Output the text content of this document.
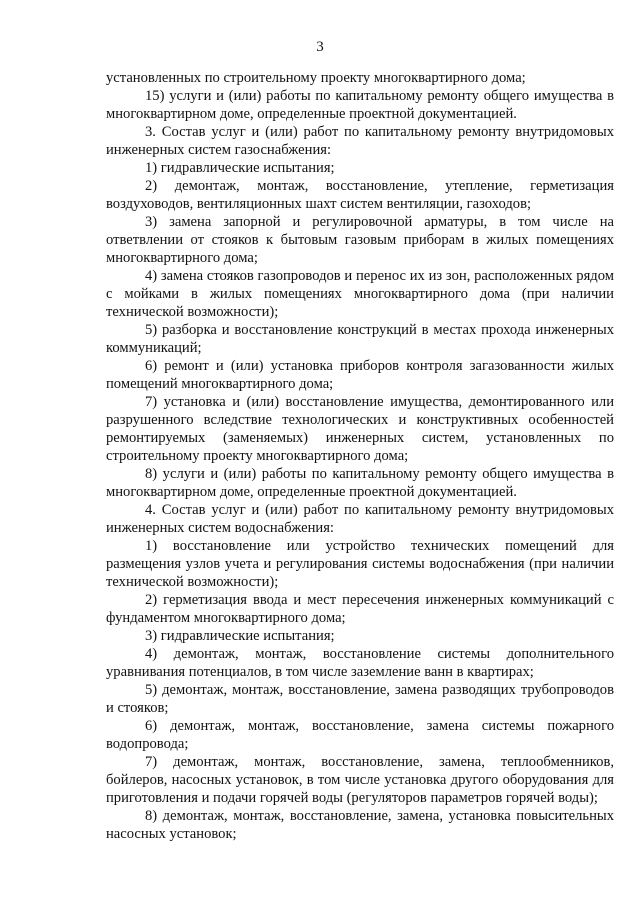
3

установленных по строительному проекту многоквартирного дома;

15) услуги и (или) работы по капитальному ремонту общего имущества в многоквартирном доме, определенные проектной документацией.

3. Состав услуг и (или) работ по капитальному ремонту внутридомовых инженерных систем газоснабжения:

1) гидравлические испытания;

2) демонтаж, монтаж, восстановление, утепление, герметизация воздуховодов, вентиляционных шахт систем вентиляции, газоходов;

3) замена запорной и регулировочной арматуры, в том числе на ответвлении от стояков к бытовым газовым приборам в жилых помещениях многоквартирного дома;

4) замена стояков газопроводов и перенос их из зон, расположенных рядом с мойками в жилых помещениях многоквартирного дома (при наличии технической возможности);

5) разборка и восстановление конструкций в местах прохода инженерных коммуникаций;

6) ремонт и (или) установка приборов контроля загазованности жилых помещений многоквартирного дома;

7) установка и (или) восстановление имущества, демонтированного или разрушенного вследствие технологических и конструктивных особенностей ремонтируемых (заменяемых) инженерных систем, установленных по строительному проекту многоквартирного дома;

8) услуги и (или) работы по капитальному ремонту общего имущества в многоквартирном доме, определенные проектной документацией.

4. Состав услуг и (или) работ по капитальному ремонту внутридомовых инженерных систем водоснабжения:

1) восстановление или устройство технических помещений для размещения узлов учета и регулирования системы водоснабжения (при наличии технической возможности);

2) герметизация ввода и мест пересечения инженерных коммуникаций с фундаментом многоквартирного дома;

3) гидравлические испытания;

4) демонтаж, монтаж, восстановление системы дополнительного уравнивания потенциалов, в том числе заземление ванн в квартирах;

5) демонтаж, монтаж, восстановление, замена разводящих трубопроводов и стояков;

6) демонтаж, монтаж, восстановление, замена системы пожарного водопровода;

7) демонтаж, монтаж, восстановление, замена, теплообменников, бойлеров, насосных установок, в том числе установка другого оборудования для приготовления и подачи горячей воды (регуляторов параметров горячей воды);

8) демонтаж, монтаж, восстановление, замена, установка повысительных насосных установок;
